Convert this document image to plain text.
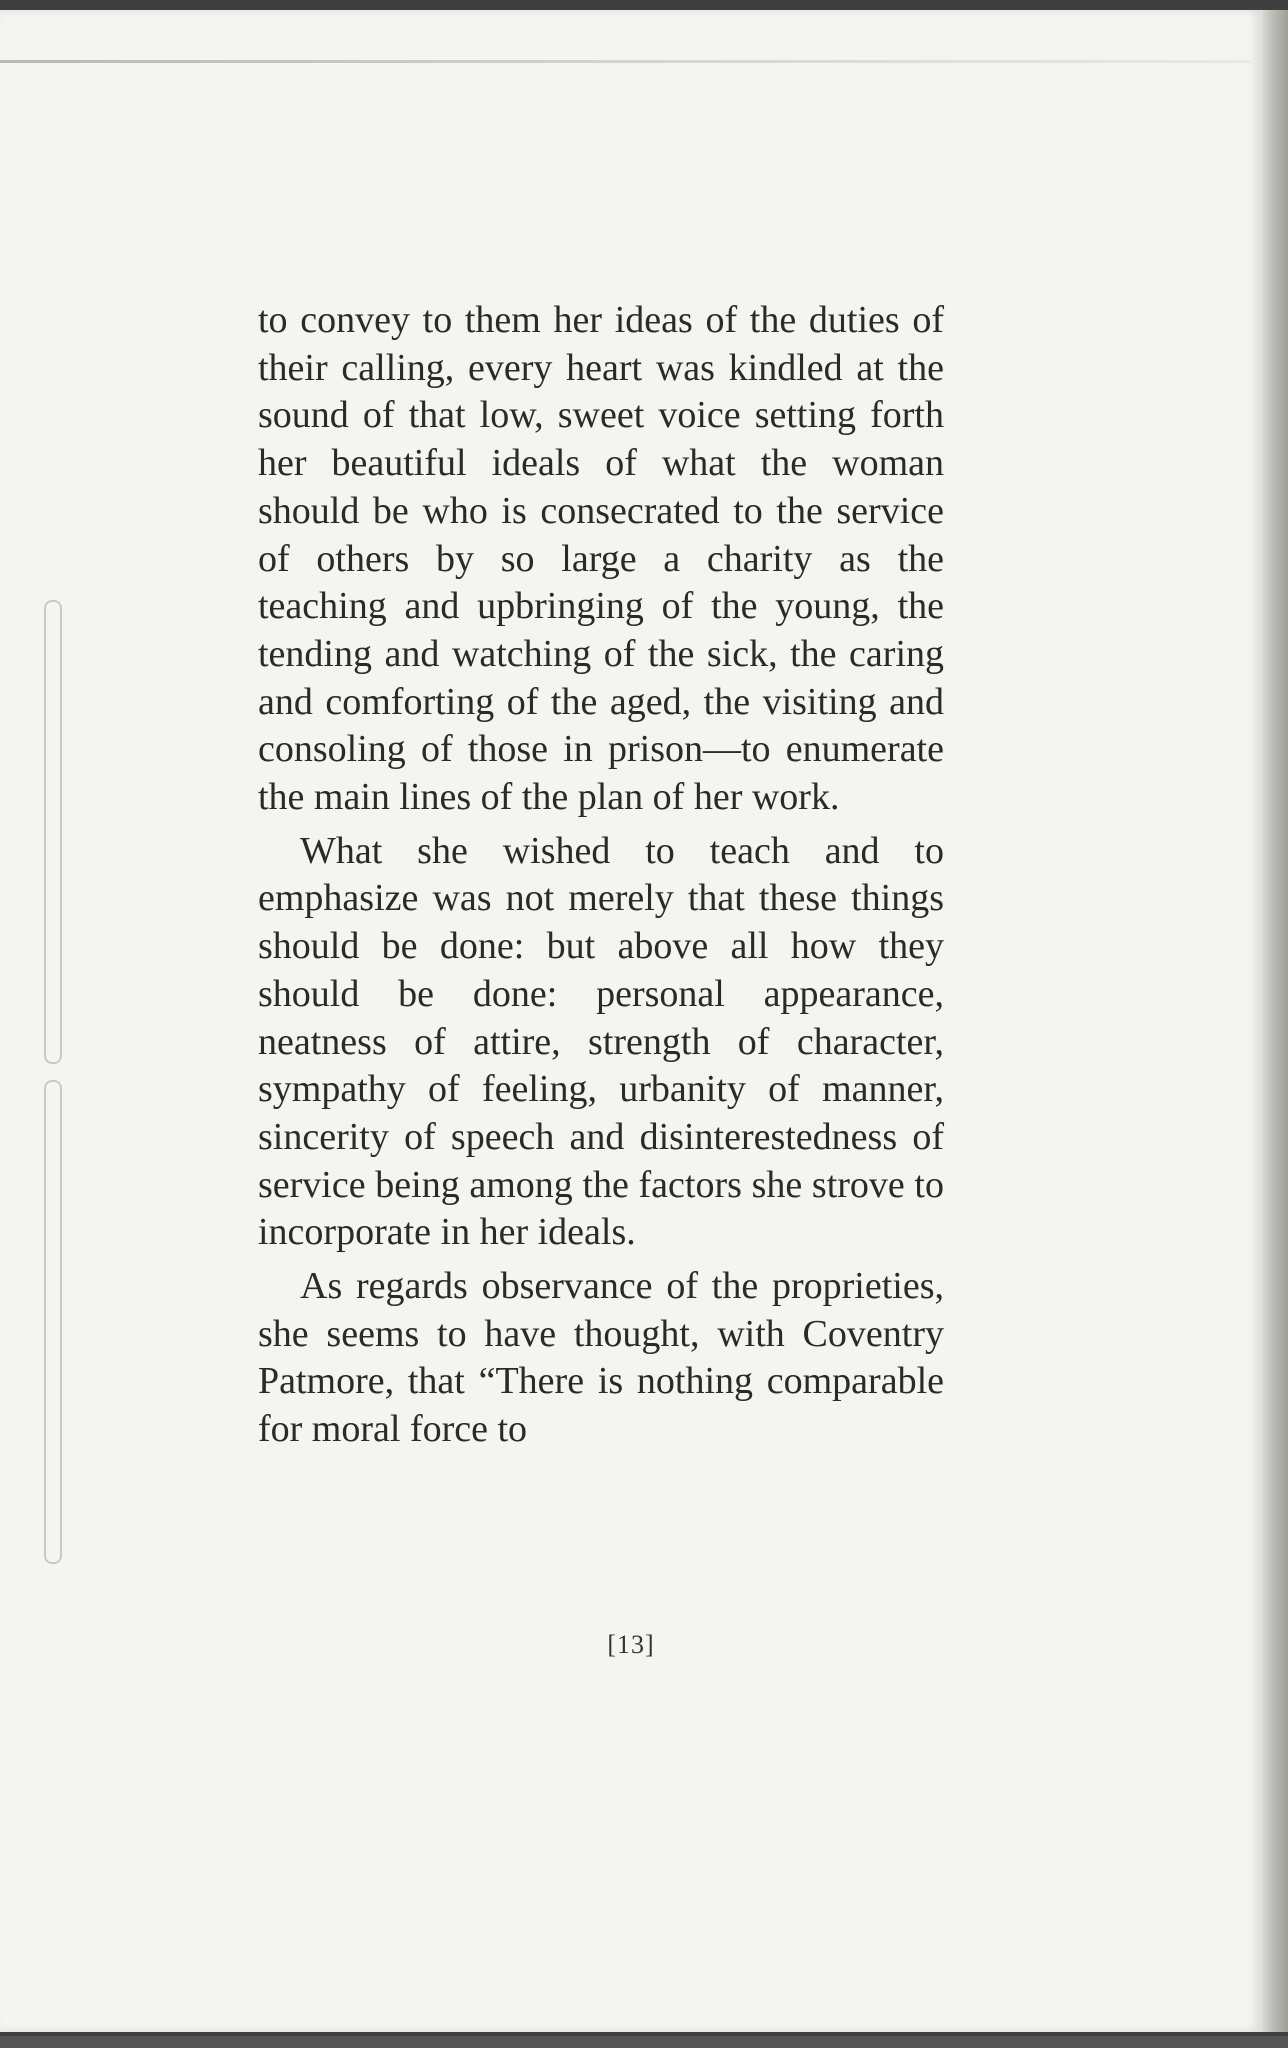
to convey to them her ideas of the duties of their calling, every heart was kindled at the sound of that low, sweet voice setting forth her beautiful ideals of what the woman should be who is consecrated to the service of others by so large a charity as the teaching and upbringing of the young, the tending and watching of the sick, the caring and comforting of the aged, the visiting and consoling of those in prison—to enumerate the main lines of the plan of her work.

What she wished to teach and to emphasize was not merely that these things should be done: but above all how they should be done: personal appearance, neatness of attire, strength of character, sympathy of feeling, urbanity of manner, sincerity of speech and disinterestedness of service being among the factors she strove to incorporate in her ideals.

As regards observance of the proprieties, she seems to have thought, with Coventry Patmore, that “There is nothing comparable for moral force to

[13]
